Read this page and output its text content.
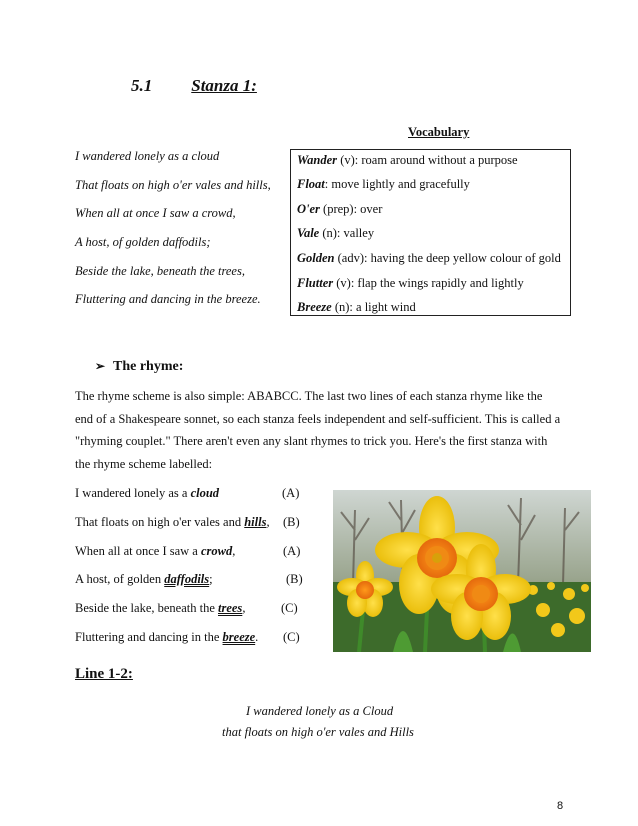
5.1 Stanza 1:
Vocabulary
I wandered lonely as a cloud
That floats on high o'er vales and hills,
When all at once I saw a crowd,
A host, of golden daffodils;
Beside the lake, beneath the trees,
Fluttering and dancing in the breeze.
Wander (v): roam around without a purpose
Float: move lightly and gracefully
O'er (prep): over
Vale (n): valley
Golden (adv): having the deep yellow colour of gold
Flutter (v): flap the wings rapidly and lightly
Breeze (n): a light wind
➢ The rhyme:
The rhyme scheme is also simple: ABABCC. The last two lines of each stanza rhyme like the
end of a Shakespeare sonnet, so each stanza feels independent and self-sufficient. This is called a
"rhyming couplet." There aren't even any slant rhymes to trick you. Here's the first stanza with
the rhyme scheme labelled:
I wandered lonely as a cloud	(A)
That floats on high o'er vales and hills, (B)
When all at once I saw a crowd,	(A)
A host, of golden daffodils;	(B)
Beside the lake, beneath the trees,	(C)
Fluttering and dancing in the breeze. (C)
Line 1-2:
I wandered lonely as a Cloud
that floats on high o'er vales and Hills
8
